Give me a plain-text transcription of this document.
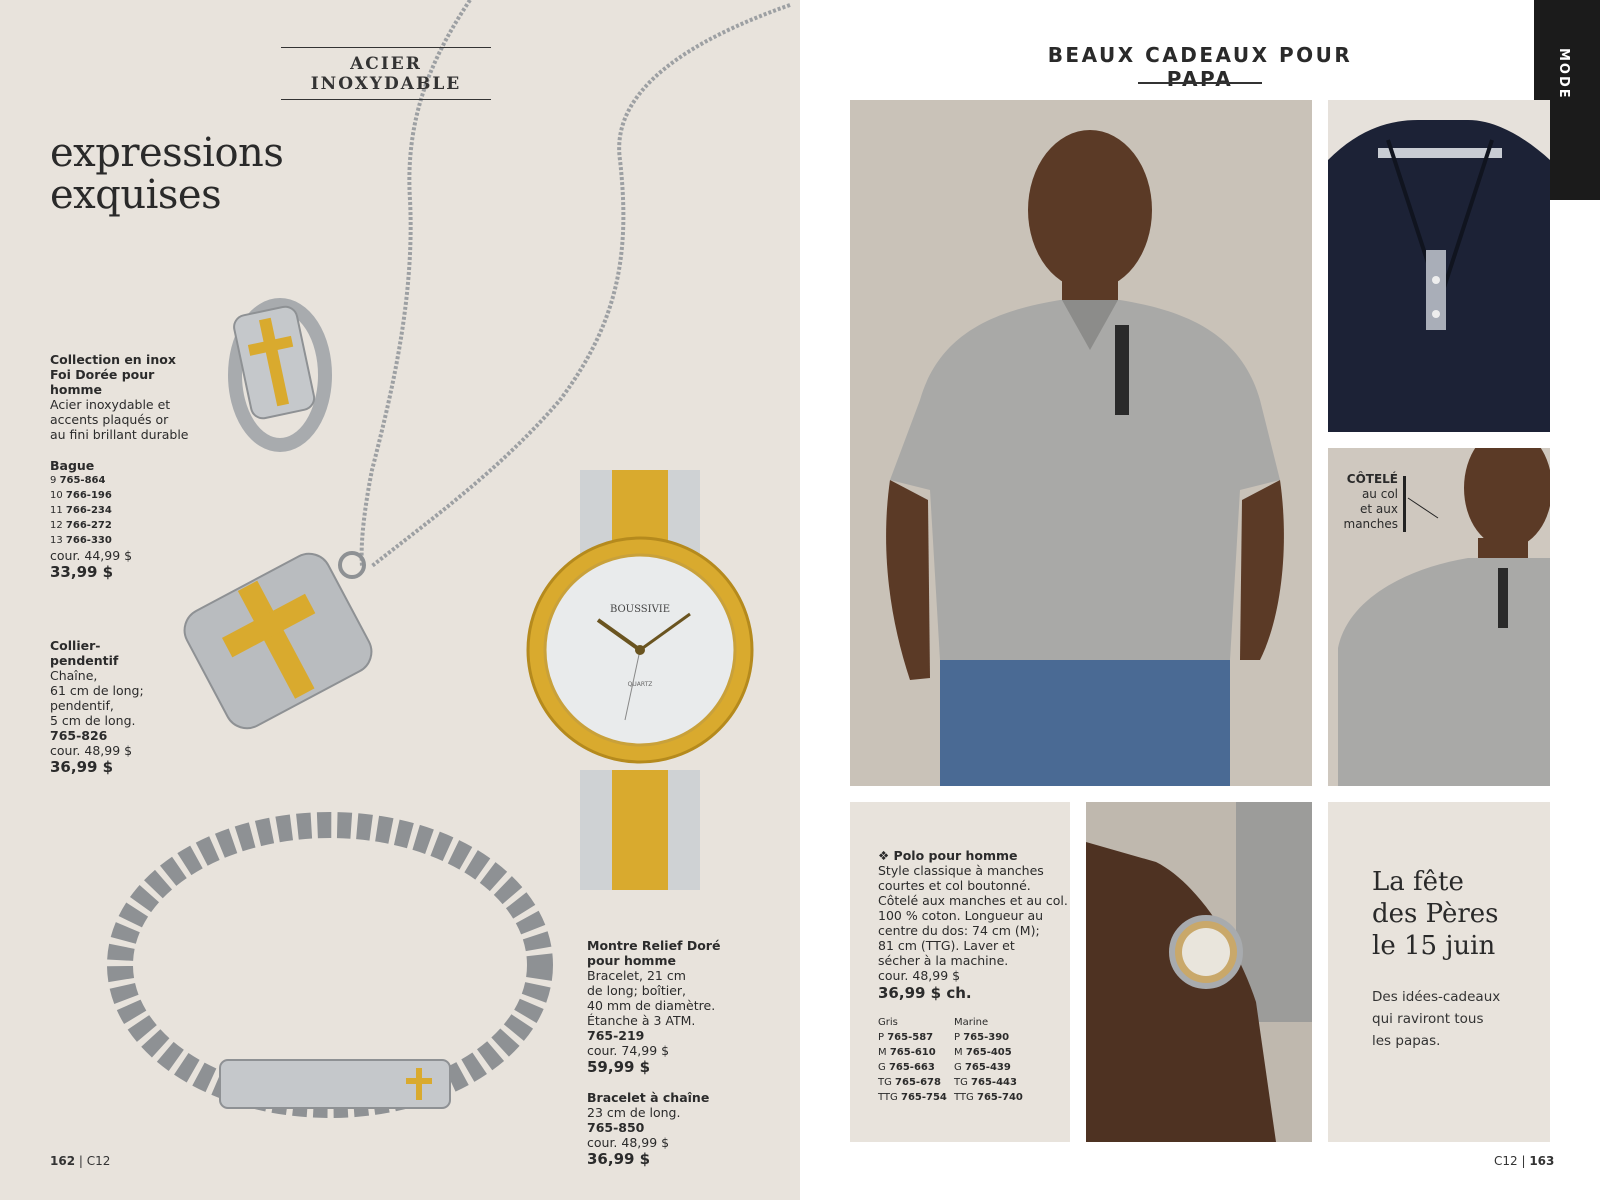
BOUSSIVIE
QUARTZ
ACIER INOXYDABLE
expressions
exquises
Collection en inox Foi Dorée pour homme
Acier inoxydable et
accents plaqués or
au fini brillant durable
Bague
9 765-864
10 766-196
11 766-234
12 766-272
13 766-330
cour. 44,99 $
33,99 $
Collier-
pendentif
Chaîne,
61 cm de long;
pendentif,
5 cm de long.
765-826
cour. 48,99 $
36,99 $
Montre Relief Doré
pour homme
Bracelet, 21 cm
de long; boîtier,
40 mm de diamètre.
Étanche à 3 ATM.
765-219
cour. 74,99 $
59,99 $
Bracelet à chaîne
23 cm de long.
765-850
cour. 48,99 $
36,99 $
162 | C12
BEAUX CADEAUX POUR PAPA	MODE
CÔTELÉ
au col
et aux
manches
❖ Polo pour homme
Style classique à manches
courtes et col boutonné.
Côtelé aux manches et au col.
100 % coton. Longueur au
centre du dos: 74 cm (M);
81 cm (TTG). Laver et
sécher à la machine.
cour. 48,99 $
36,99 $ ch.
Gris
P 765-587
M 765-610
G 765-663
TG 765-678
TTG 765-754
Marine
P 765-390
M 765-405
G 765-439
TG 765-443
TTG 765-740
La fête
des Pères
le 15 juin
Des idées-cadeaux
qui raviront tous
les papas.
C12 | 163
